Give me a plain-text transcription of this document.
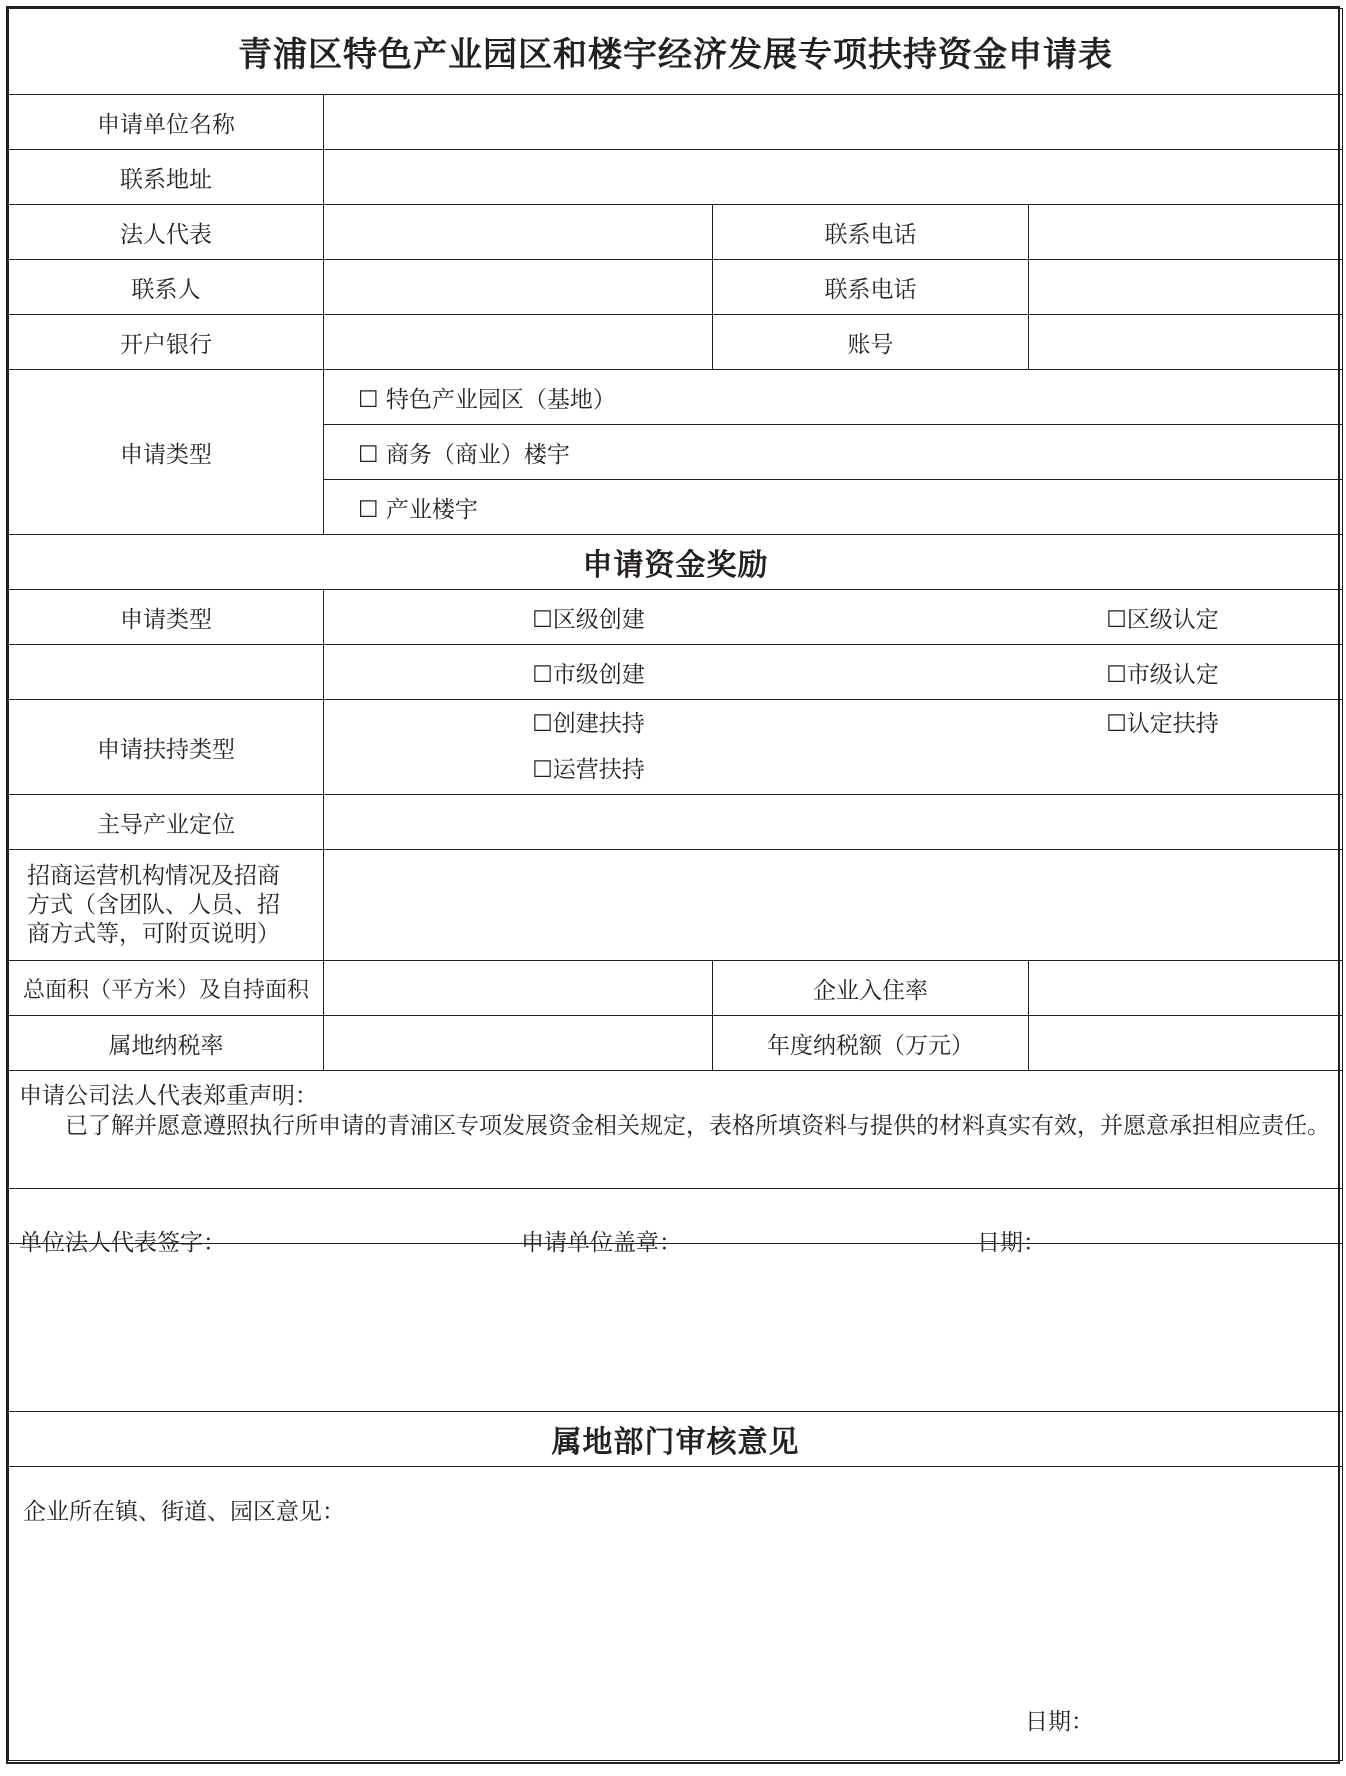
青浦区特色产业园区和楼宇经济发展专项扶持资金申请表			
申请单位名称			
联系地址			
法人代表		联系电话	
联系人		联系电话	
开户银行		账号	
申请类型	☐ 特色产业园区（基地）		
	☐ 商务（商业）楼宇		
	☐ 产业楼宇		
申请资金奖励			
申请类型	☐区级创建 ☐区级认定		

	☐市级创建 ☐市级认定		

申请扶持类型	☐创建扶持 ☐认定扶持
☐运营扶持		

主导产业定位			

招商运营机构情况及招商
方式（含团队、人员、招
商方式等，可附页说明）			

总面积（平方米）及自持面积		企业入住率	
属地纳税率		年度纳税额（万元）	

申请公司法人代表郑重声明：
已了解并愿意遵照执行所申请的青浦区专项发展资金相关规定，表格所填资料与提供的材料真实有效，并愿意承担相应责任。			

单位法人代表签字： 申请单位盖章： 日期：			

属地部门审核意见			

企业所在镇、街道、园区意见：
日期：			
